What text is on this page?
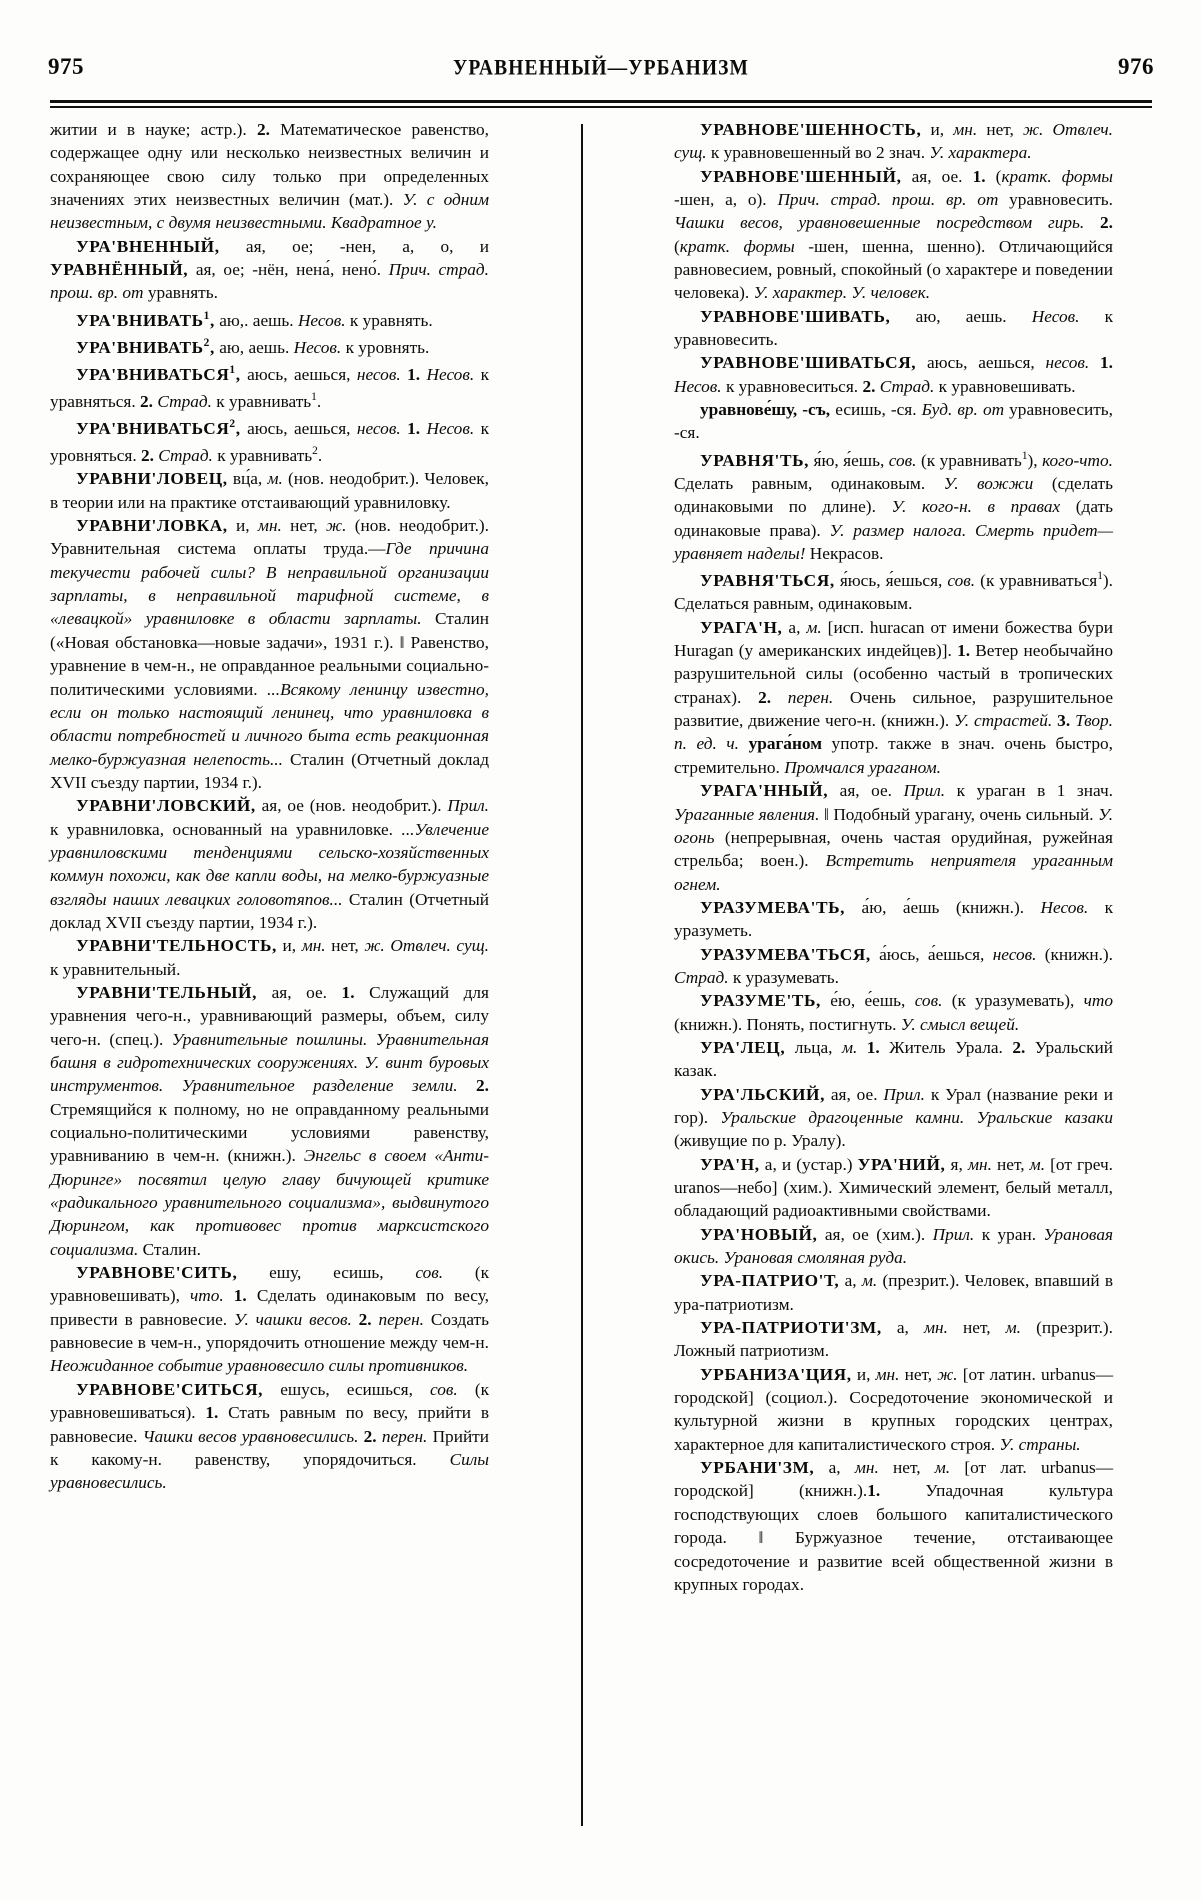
975	УРАВНЕННЫЙ—УРБАНИЗМ	976

житии и в науке; астр.). 2. Математическое равенство, содержащее одну или несколько неизвестных величин и сохраняющее свою силу только при определенных значениях этих неизвестных величин (мат.). У. с одним неизвестным, с двумя неизвестными. Квадратное у.

УРА'ВНЕННЫЙ, ая, ое; -нен, а, о, и УРАВНЁННЫЙ, ая, ое; -нён, нена́, нено́. Прич. страд. прош. вр. от уравнять.

УРА'ВНИВАТЬ$^1$, аю,. аешь. Несов. к уравнять.

УРА'ВНИВАТЬ$^2$, аю, аешь. Несов. к уровнять.

УРА'ВНИВАТЬСЯ$^1$, аюсь, аешься, несов. 1. Несов. к уравняться. 2. Страд. к уравнивать$^1$.

УРА'ВНИВАТЬСЯ$^2$, аюсь, аешься, несов. 1. Несов. к уровняться. 2. Страд. к уравнивать$^2$.

УРАВНИ'ЛОВЕЦ, вц́а, м. (нов. неодобрит.). Человек, в теории или на практике отстаивающий уравниловку.

УРАВНИ'ЛОВКА, и, мн. нет, ж. (нов. неодобрит.). Уравнительная система оплаты труда.—Где причина текучести рабочей силы? В неправильной организации зарплаты, в неправильной тарифной системе, в «левацкой» уравниловке в области зарплаты. Сталин («Новая обстановка—новые задачи», 1931 г.). ǁ Равенство, уравнение в чем-н., не оправданное реальными социально-политическими условиями. ...Всякому ленинцу известно, если он только настоящий ленинец, что уравниловка в области потребностей и личного быта есть реакционная мелко-буржуазная нелепость... Сталин (Отчетный доклад XVII съезду партии, 1934 г.).

УРАВНИ'ЛОВСКИЙ, ая, ое (нов. неодобрит.). Прил. к уравниловка, основанный на уравниловке. ...Увлечение уравниловскими тенденциями сельско-хозяйственных коммун похожи, как две капли воды, на мелко-буржуазные взгляды наших левацких головотяпов... Сталин (Отчетный доклад XVII съезду партии, 1934 г.).

УРАВНИ'ТЕЛЬНОСТЬ, и, мн. нет, ж. Отвлеч. сущ. к уравнительный.

УРАВНИ'ТЕЛЬНЫЙ, ая, ое. 1. Служащий для уравнения чего-н., уравнивающий размеры, объем, силу чего-н. (спец.). Уравнительные пошлины. Уравнительная башня в гидротехнических сооружениях. У. винт буровых инструментов. Уравнительное разделение земли. 2. Стремящийся к полному, но не оправданному реальными социально-политическими условиями равенству, уравниванию в чем-н. (книжн.). Энгельс в своем «Анти-Дюринге» посвятил целую главу бичующей критике «радикального уравнительного социализма», выдвинутого Дюрингом, как противовес против марксистского социализма. Сталин.

УРАВНОВЕ'СИТЬ, ешу, есишь, сов. (к уравновешивать), что. 1. Сделать одинаковым по весу, привести в равновесие. У. чашки весов. 2. перен. Создать равновесие в чем-н., упорядочить отношение между чем-н. Неожиданное событие уравновесило силы противников.

УРАВНОВЕ'СИТЬСЯ, ешусь, есишься, сов. (к уравновешиваться). 1. Стать равным по весу, прийти в равновесие. Чашки весов уравновесились. 2. перен. Прийти к какому-н. равенству, упорядочиться. Силы уравновесились.

УРАВНОВЕ'ШЕННОСТЬ, и, мн. нет, ж. Отвлеч. сущ. к уравновешенный во 2 знач. У. характера.

УРАВНОВЕ'ШЕННЫЙ, ая, ое. 1. (кратк. формы -шен, а, о). Прич. страд. прош. вр. от уравновесить. Чашки весов, уравновешенные посредством гирь. 2. (кратк. формы -шен, шенна, шенно). Отличающийся равновесием, ровный, спокойный (о характере и поведении человека). У. характер. У. человек.

УРАВНОВЕ'ШИВАТЬ, аю, аешь. Несов. к уравновесить.

УРАВНОВЕ'ШИВАТЬСЯ, аюсь, аешься, несов. 1. Несов. к уравновеситься. 2. Страд. к уравновешивать.

уравнове́шу, -съ, есишь, -ся. Буд. вр. от уравновесить, -ся.

УРАВНЯ'ТЬ, я́ю, я́ешь, сов. (к уравнивать$^1$), кого-что. Сделать равным, одинаковым. У. вожжи (сделать одинаковыми по длине). У. кого-н. в правах (дать одинаковые права). У. размер налога. Смерть придет—уравняет наделы! Некрасов.

УРАВНЯ'ТЬСЯ, я́юсь, я́ешься, сов. (к уравниваться$^1$). Сделаться равным, одинаковым.

УРАГА'Н, а, м. [исп. huracan от имени божества бури Huragan (у американских индейцев)]. 1. Ветер необычайно разрушительной силы (особенно частый в тропических странах). 2. перен. Очень сильное, разрушительное развитие, движение чего-н. (книжн.). У. страстей. 3. Твор. п. ед. ч. урага́ном употр. также в знач. очень быстро, стремительно. Промчался ураганом.

УРАГА'ННЫЙ, ая, ое. Прил. к ураган в 1 знач. Ураганные явления. ǁ Подобный урагану, очень сильный. У. огонь (непрерывная, очень частая орудийная, ружейная стрельба; воен.). Встретить неприятеля ураганным огнем.

УРАЗУМЕВА'ТЬ, а́ю, а́ешь (книжн.). Несов. к уразуметь.

УРАЗУМЕВА'ТЬСЯ, а́юсь, а́ешься, несов. (книжн.). Страд. к уразумевать.

УРАЗУМЕ'ТЬ, е́ю, е́ешь, сов. (к уразумевать), что (книжн.). Понять, постигнуть. У. смысл вещей.

УРА'ЛЕЦ, льца, м. 1. Житель Урала. 2. Уральский казак.

УРА'ЛЬСКИЙ, ая, ое. Прил. к Урал (название реки и гор). Уральские драгоценные камни. Уральские казаки (живущие по р. Уралу).

УРА'Н, а, и (устар.) УРА'НИЙ, я, мн. нет, м. [от греч. uranos—небо] (хим.). Химический элемент, белый металл, обладающий радиоактивными свойствами.

УРА'НОВЫЙ, ая, ое (хим.). Прил. к уран. Урановая окись. Урановая смоляная руда.

УРА-ПАТРИО'Т, а, м. (презрит.). Человек, впавший в ура-патриотизм.

УРА-ПАТРИОТИ'ЗМ, а, мн. нет, м. (презрит.). Ложный патриотизм.

УРБАНИЗА'ЦИЯ, и, мн. нет, ж. [от латин. urbanus—городской] (социол.). Сосредоточение экономической и культурной жизни в крупных городских центрах, характерное для капиталистического строя. У. страны.

УРБАНИ'ЗМ, а, мн. нет, м. [от лат. urbanus—городской] (книжн.).1. Упадочная культура господствующих слоев большого капиталистического города. ǁ Буржуазное течение, отстаивающее сосредоточение и развитие всей общественной жизни в крупных городах.
